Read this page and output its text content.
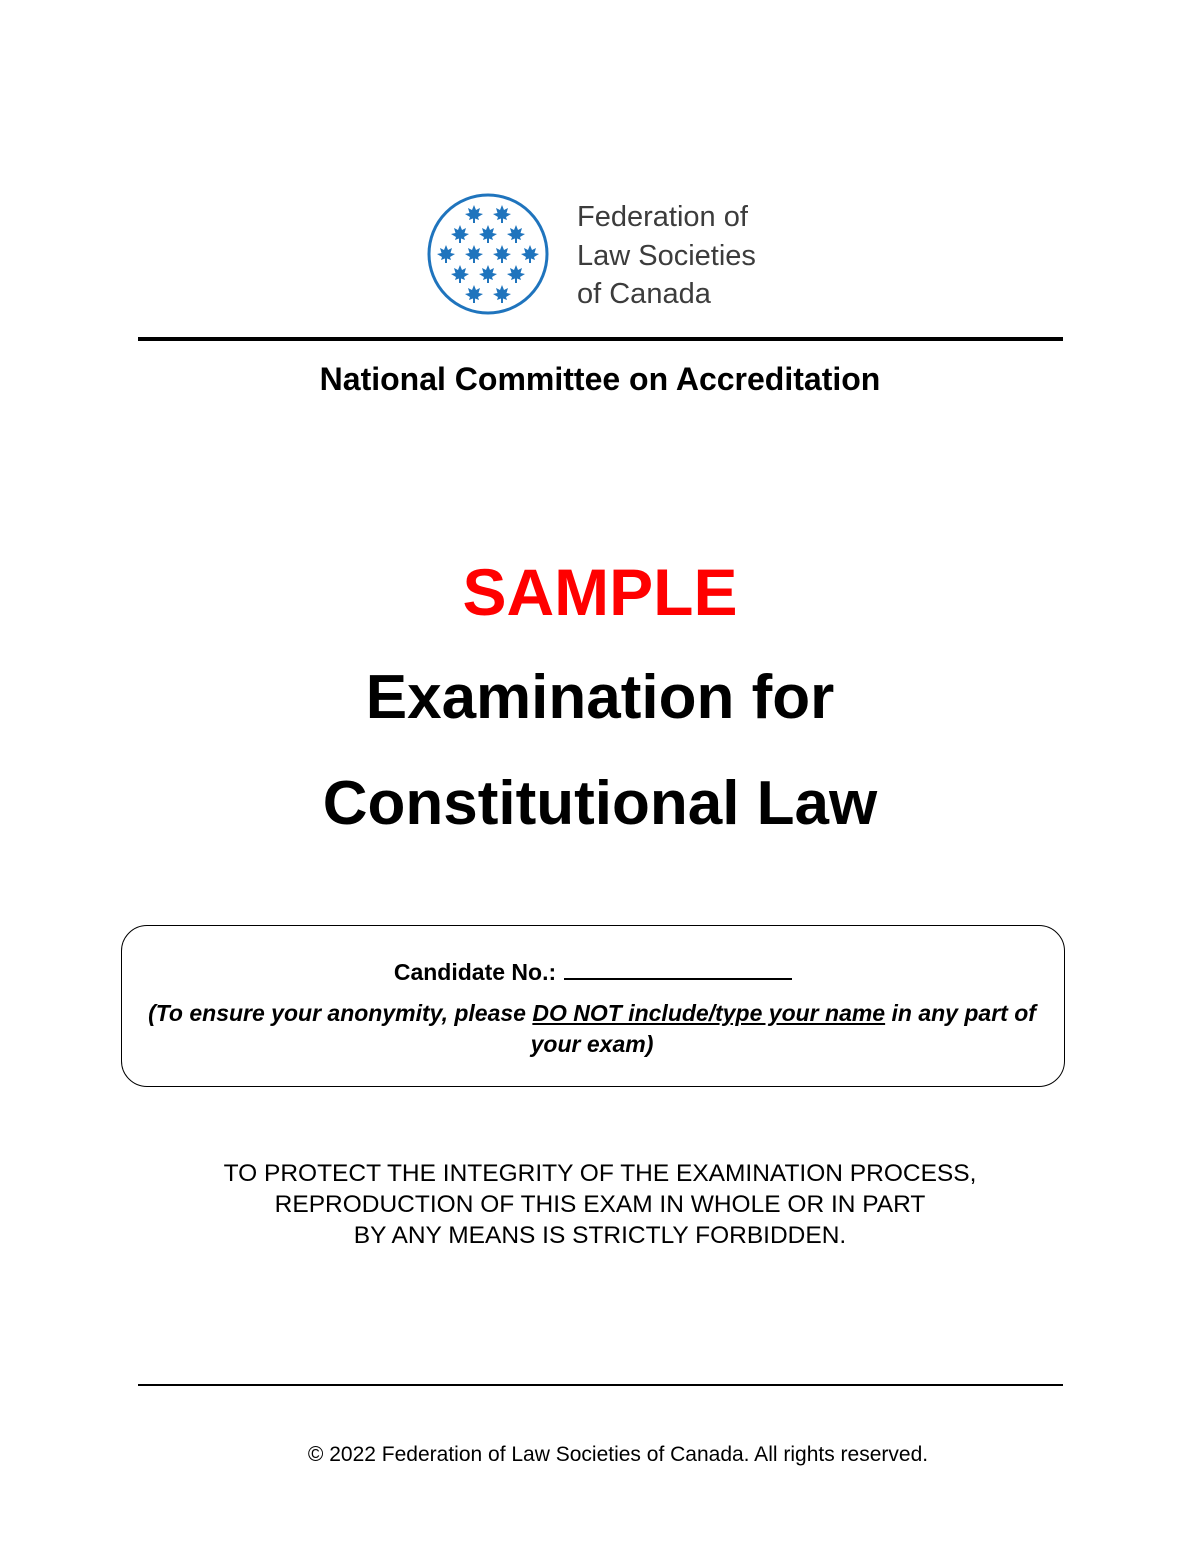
Federation of
Law Societies
of Canada
National Committee on Accreditation
SAMPLE
Examination for
Constitutional Law
Candidate No.:
(To ensure your anonymity, please DO NOT include/type your name in any part of your exam)
TO PROTECT THE INTEGRITY OF THE EXAMINATION PROCESS,
REPRODUCTION OF THIS EXAM IN WHOLE OR IN PART
BY ANY MEANS IS STRICTLY FORBIDDEN.
© 2022 Federation of Law Societies of Canada. All rights reserved.
